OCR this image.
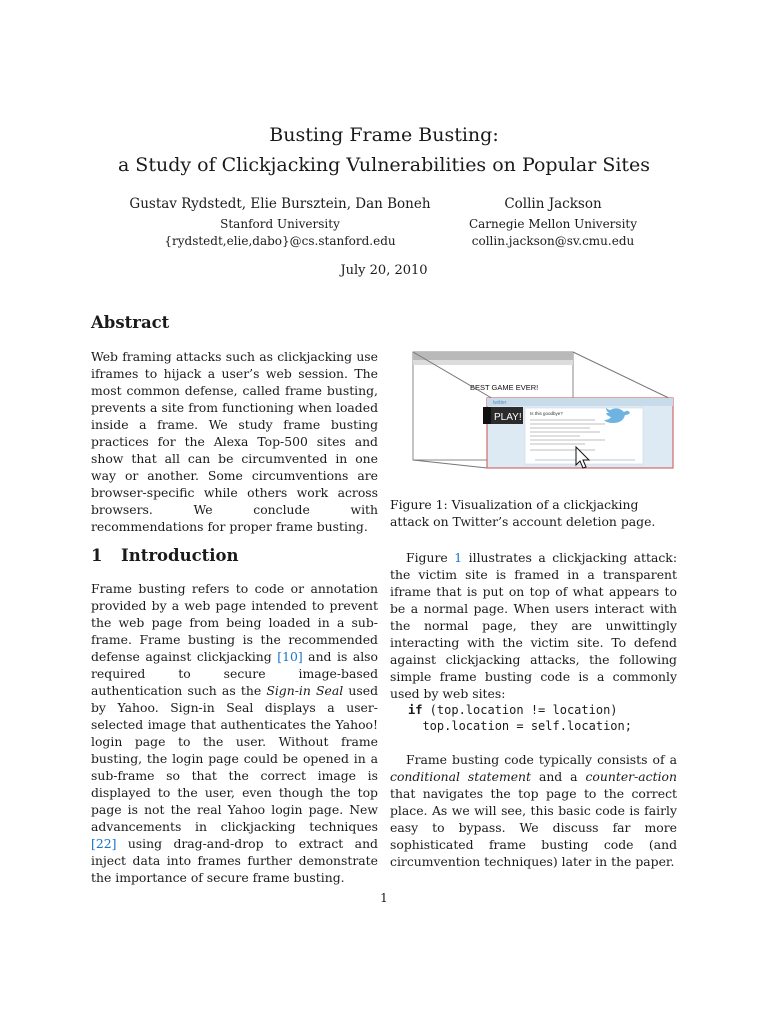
Busting Frame Busting:
a Study of Clickjacking Vulnerabilities on Popular Sites
Gustav Rydstedt, Elie Bursztein, Dan Boneh
Stanford University
{rydstedt,elie,dabo}@cs.stanford.edu
Collin Jackson
Carnegie Mellon University
collin.jackson@sv.cmu.edu
July 20, 2010
Abstract
Web framing attacks such as clickjacking use iframes to hijack a user’s web session. The most common defense, called frame busting, prevents a site from functioning when loaded inside a frame. We study frame busting practices for the Alexa Top-500 sites and show that all can be circumvented in one way or another. Some circumventions are browser-specific while others work across browsers. We conclude with recommendations for proper frame busting.
BEST GAME EVER!
twitter
Is this goodbye?
PLAY!
Figure 1: Visualization of a clickjacking attack on Twitter’s account deletion page.
1 Introduction
Frame busting refers to code or annotation provided by a web page intended to prevent the web page from being loaded in a sub-frame. Frame busting is the recommended defense against clickjacking [10] and is also required to secure image-based authentication such as the Sign-in Seal used by Yahoo. Sign-in Seal displays a user-selected image that authenticates the Yahoo! login page to the user. Without frame busting, the login page could be opened in a sub-frame so that the correct image is displayed to the user, even though the top page is not the real Yahoo login page. New advancements in clickjacking techniques [22] using drag-and-drop to extract and inject data into frames further demonstrate the importance of secure frame busting.
Figure 1 illustrates a clickjacking attack: the victim site is framed in a transparent iframe that is put on top of what appears to be a normal page. When users interact with the normal page, they are unwittingly interacting with the victim site. To defend against clickjacking attacks, the following simple frame busting code is a commonly used by web sites:
if (top.location != location)
top.location = self.location;
Frame busting code typically consists of a conditional statement and a counter-action that navigates the top page to the correct place. As we will see, this basic code is fairly easy to bypass. We discuss far more sophisticated frame busting code (and circumvention techniques) later in the paper.
1
